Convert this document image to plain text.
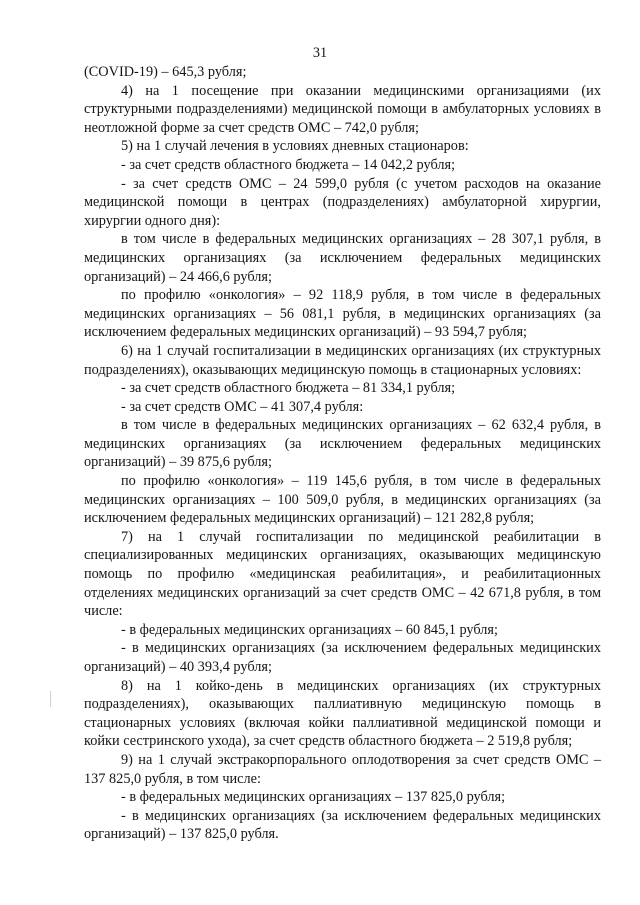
31

(COVID-19) – 645,3 рубля;

4) на 1 посещение при оказании медицинскими организациями (их структурными подразделениями) медицинской помощи в амбулаторных условиях в неотложной форме за счет средств ОМС – 742,0 рубля;

5) на 1 случай лечения в условиях дневных стационаров:

- за счет средств областного бюджета – 14 042,2 рубля;

- за счет средств ОМС – 24 599,0 рубля (с учетом расходов на оказание медицинской помощи в центрах (подразделениях) амбулаторной хирургии, хирургии одного дня):

в том числе в федеральных медицинских организациях – 28 307,1 рубля, в медицинских организациях (за исключением федеральных медицинских организаций) – 24 466,6 рубля;

по профилю «онкология» – 92 118,9 рубля, в том числе в федеральных медицинских организациях – 56 081,1 рубля, в медицинских организациях (за исключением федеральных медицинских организаций) – 93 594,7 рубля;

6) на 1 случай госпитализации в медицинских организациях (их структурных подразделениях), оказывающих медицинскую помощь в стационарных условиях:

- за счет средств областного бюджета – 81 334,1 рубля;

- за счет средств ОМС – 41 307,4 рубля:

в том числе в федеральных медицинских организациях – 62 632,4 рубля, в медицинских организациях (за исключением федеральных медицинских организаций) – 39 875,6 рубля;

по профилю «онкология» – 119 145,6 рубля, в том числе в федеральных медицинских организациях – 100 509,0 рубля, в медицинских организациях (за исключением федеральных медицинских организаций) – 121 282,8 рубля;

7) на 1 случай госпитализации по медицинской реабилитации в специализированных медицинских организациях, оказывающих медицинскую помощь по профилю «медицинская реабилитация», и реабилитационных отделениях медицинских организаций за счет средств ОМС – 42 671,8 рубля, в том числе:

- в федеральных медицинских организациях – 60 845,1 рубля;

- в медицинских организациях (за исключением федеральных медицинских организаций) – 40 393,4 рубля;

8) на 1 койко-день в медицинских организациях (их структурных подразделениях), оказывающих паллиативную медицинскую помощь в стационарных условиях (включая койки паллиативной медицинской помощи и койки сестринского ухода), за счет средств областного бюджета – 2 519,8 рубля;

9) на 1 случай экстракорпорального оплодотворения за счет средств ОМС – 137 825,0 рубля, в том числе:

- в федеральных медицинских организациях – 137 825,0 рубля;

- в медицинских организациях (за исключением федеральных медицинских организаций) – 137 825,0 рубля.
